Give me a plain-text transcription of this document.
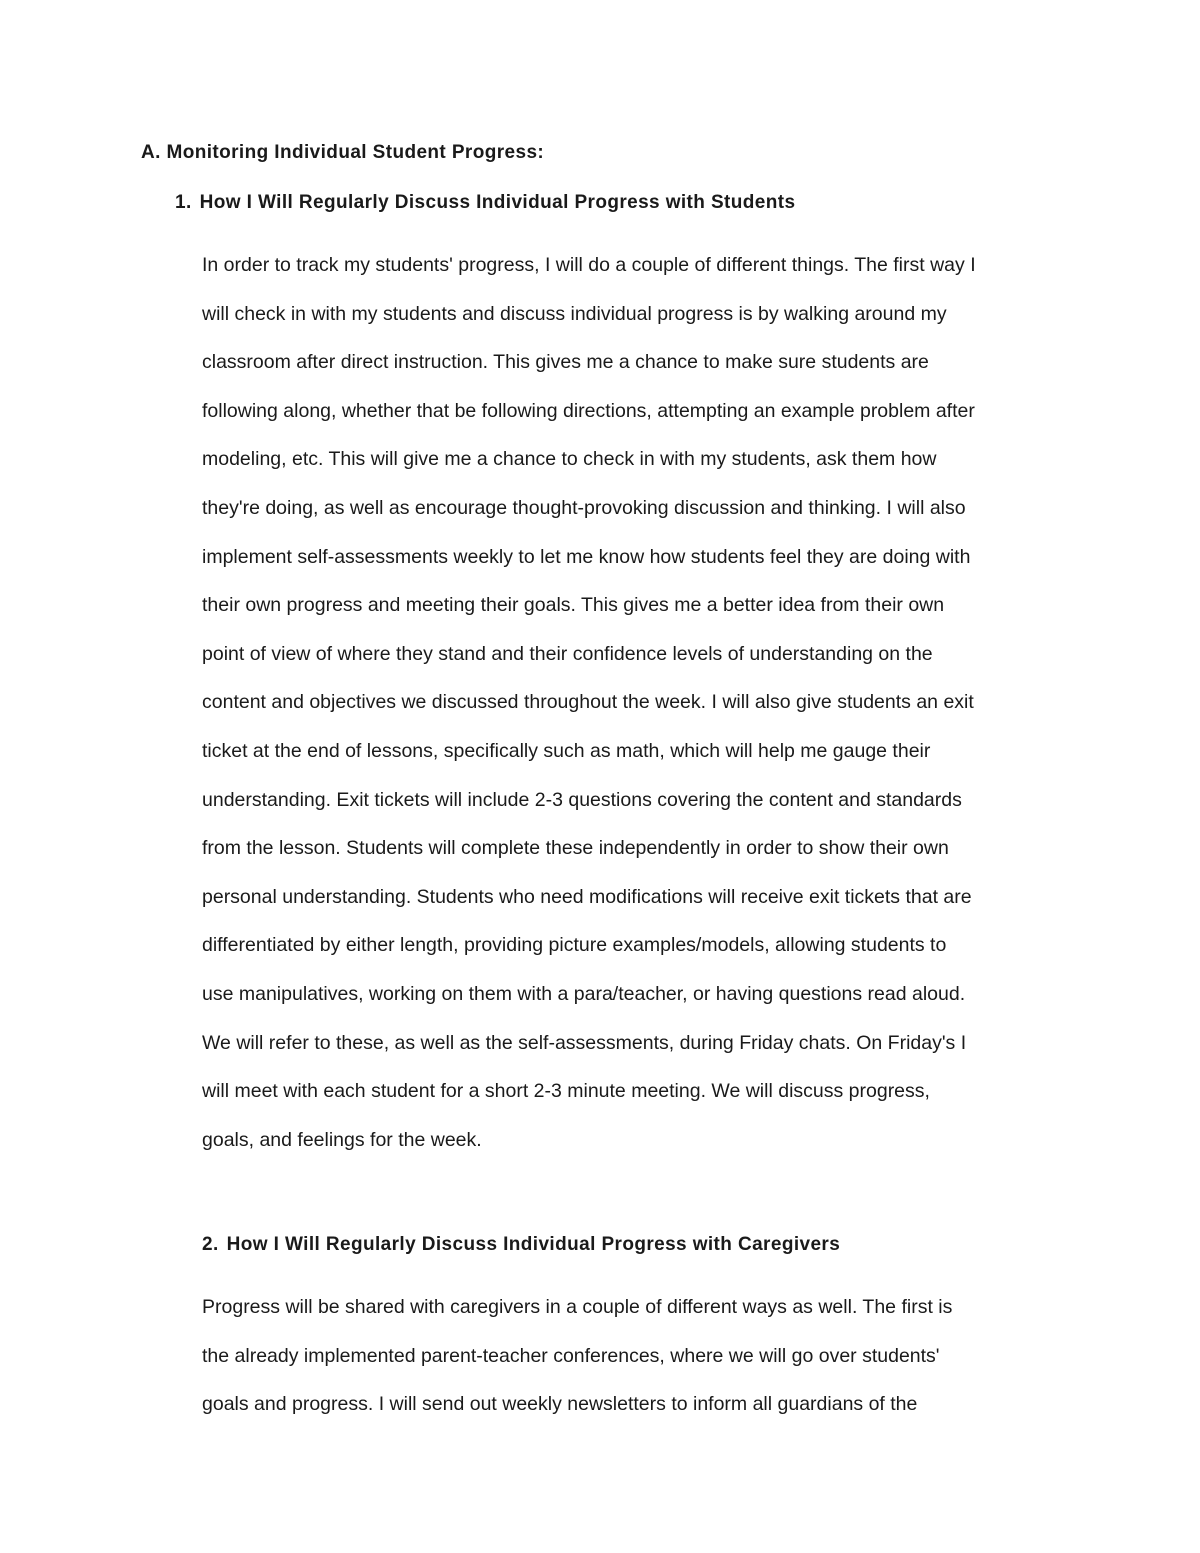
A. Monitoring Individual Student Progress:
1. How I Will Regularly Discuss Individual Progress with Students
In order to track my students' progress, I will do a couple of different things. The first way I
will check in with my students and discuss individual progress is by walking around my
classroom after direct instruction. This gives me a chance to make sure students are
following along, whether that be following directions, attempting an example problem after
modeling, etc. This will give me a chance to check in with my students, ask them how
they're doing, as well as encourage thought-provoking discussion and thinking. I will also
implement self-assessments weekly to let me know how students feel they are doing with
their own progress and meeting their goals. This gives me a better idea from their own
point of view of where they stand and their confidence levels of understanding on the
content and objectives we discussed throughout the week. I will also give students an exit
ticket at the end of lessons, specifically such as math, which will help me gauge their
understanding. Exit tickets will include 2-3 questions covering the content and standards
from the lesson. Students will complete these independently in order to show their own
personal understanding. Students who need modifications will receive exit tickets that are
differentiated by either length, providing picture examples/models, allowing students to
use manipulatives, working on them with a para/teacher, or having questions read aloud.
We will refer to these, as well as the self-assessments, during Friday chats. On Friday's I
will meet with each student for a short 2-3 minute meeting. We will discuss progress,
goals, and feelings for the week.
2. How I Will Regularly Discuss Individual Progress with Caregivers
Progress will be shared with caregivers in a couple of different ways as well. The first is
the already implemented parent-teacher conferences, where we will go over students'
goals and progress. I will send out weekly newsletters to inform all guardians of the
